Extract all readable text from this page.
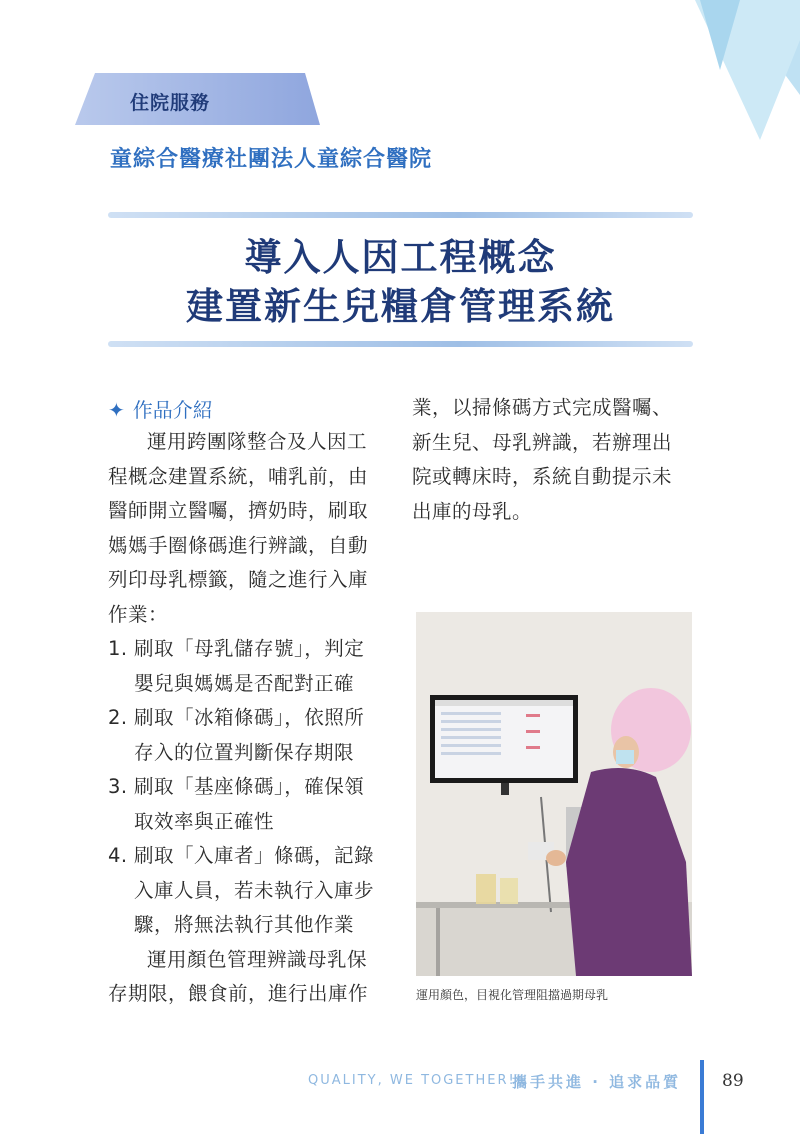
住院服務
童綜合醫療社團法人童綜合醫院
導入人因工程概念
建置新生兒糧倉管理系統
✦ 作品介紹
運用跨團隊整合及人因工
程概念建置系統，哺乳前，由
醫師開立醫囑，擠奶時，刷取
媽媽手圈條碼進行辨識，自動
列印母乳標籤，隨之進行入庫
作業：
1. 刷取「母乳儲存號」，判定
嬰兒與媽媽是否配對正確
2. 刷取「冰箱條碼」，依照所
存入的位置判斷保存期限
3. 刷取「基座條碼」，確保領
取效率與正確性
4. 刷取「入庫者」條碼，記錄
入庫人員，若未執行入庫步
驟，將無法執行其他作業
運用顏色管理辨識母乳保
存期限，餵食前，進行出庫作
業，以掃條碼方式完成醫囑、
新生兒、母乳辨識，若辦理出
院或轉床時，系統自動提示未
出庫的母乳。
運用顏色，目視化管理阻擋過期母乳
QUALITY, WE TOGETHER!
攜手共進 · 追求品質 89
